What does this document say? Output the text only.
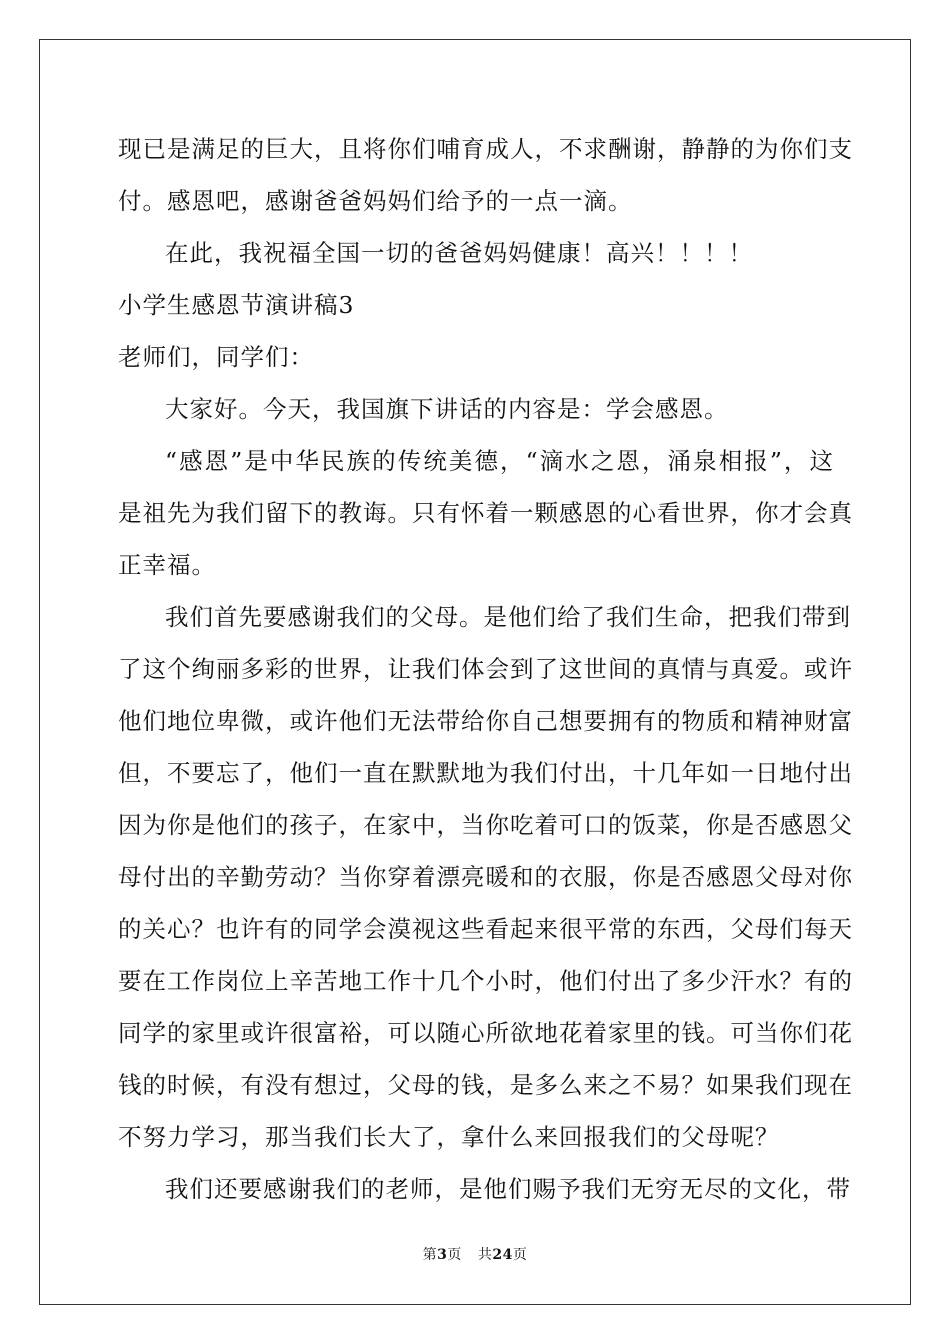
现已是满足的巨大，且将你们哺育成人，不求酬谢，静静的为你们支
付。感恩吧，感谢爸爸妈妈们给予的一点一滴。
在此，我祝福全国一切的爸爸妈妈健康！高兴！！！！
小学生感恩节演讲稿3
老师们，同学们：
大家好。今天，我国旗下讲话的内容是：学会感恩。
“感恩”是中华民族的传统美德，“滴水之恩，涌泉相报”，这
是祖先为我们留下的教诲。只有怀着一颗感恩的心看世界，你才会真
正幸福。
我们首先要感谢我们的父母。是他们给了我们生命，把我们带到
了这个绚丽多彩的世界，让我们体会到了这世间的真情与真爱。或许
他们地位卑微，或许他们无法带给你自己想要拥有的物质和精神财富
但，不要忘了，他们一直在默默地为我们付出，十几年如一日地付出
因为你是他们的孩子，在家中，当你吃着可口的饭菜，你是否感恩父
母付出的辛勤劳动？当你穿着漂亮暖和的衣服，你是否感恩父母对你
的关心？也许有的同学会漠视这些看起来很平常的东西，父母们每天
要在工作岗位上辛苦地工作十几个小时，他们付出了多少汗水？有的
同学的家里或许很富裕，可以随心所欲地花着家里的钱。可当你们花
钱的时候，有没有想过，父母的钱，是多么来之不易？如果我们现在
不努力学习，那当我们长大了，拿什么来回报我们的父母呢？
我们还要感谢我们的老师，是他们赐予我们无穷无尽的文化，带
第3页 共24页
